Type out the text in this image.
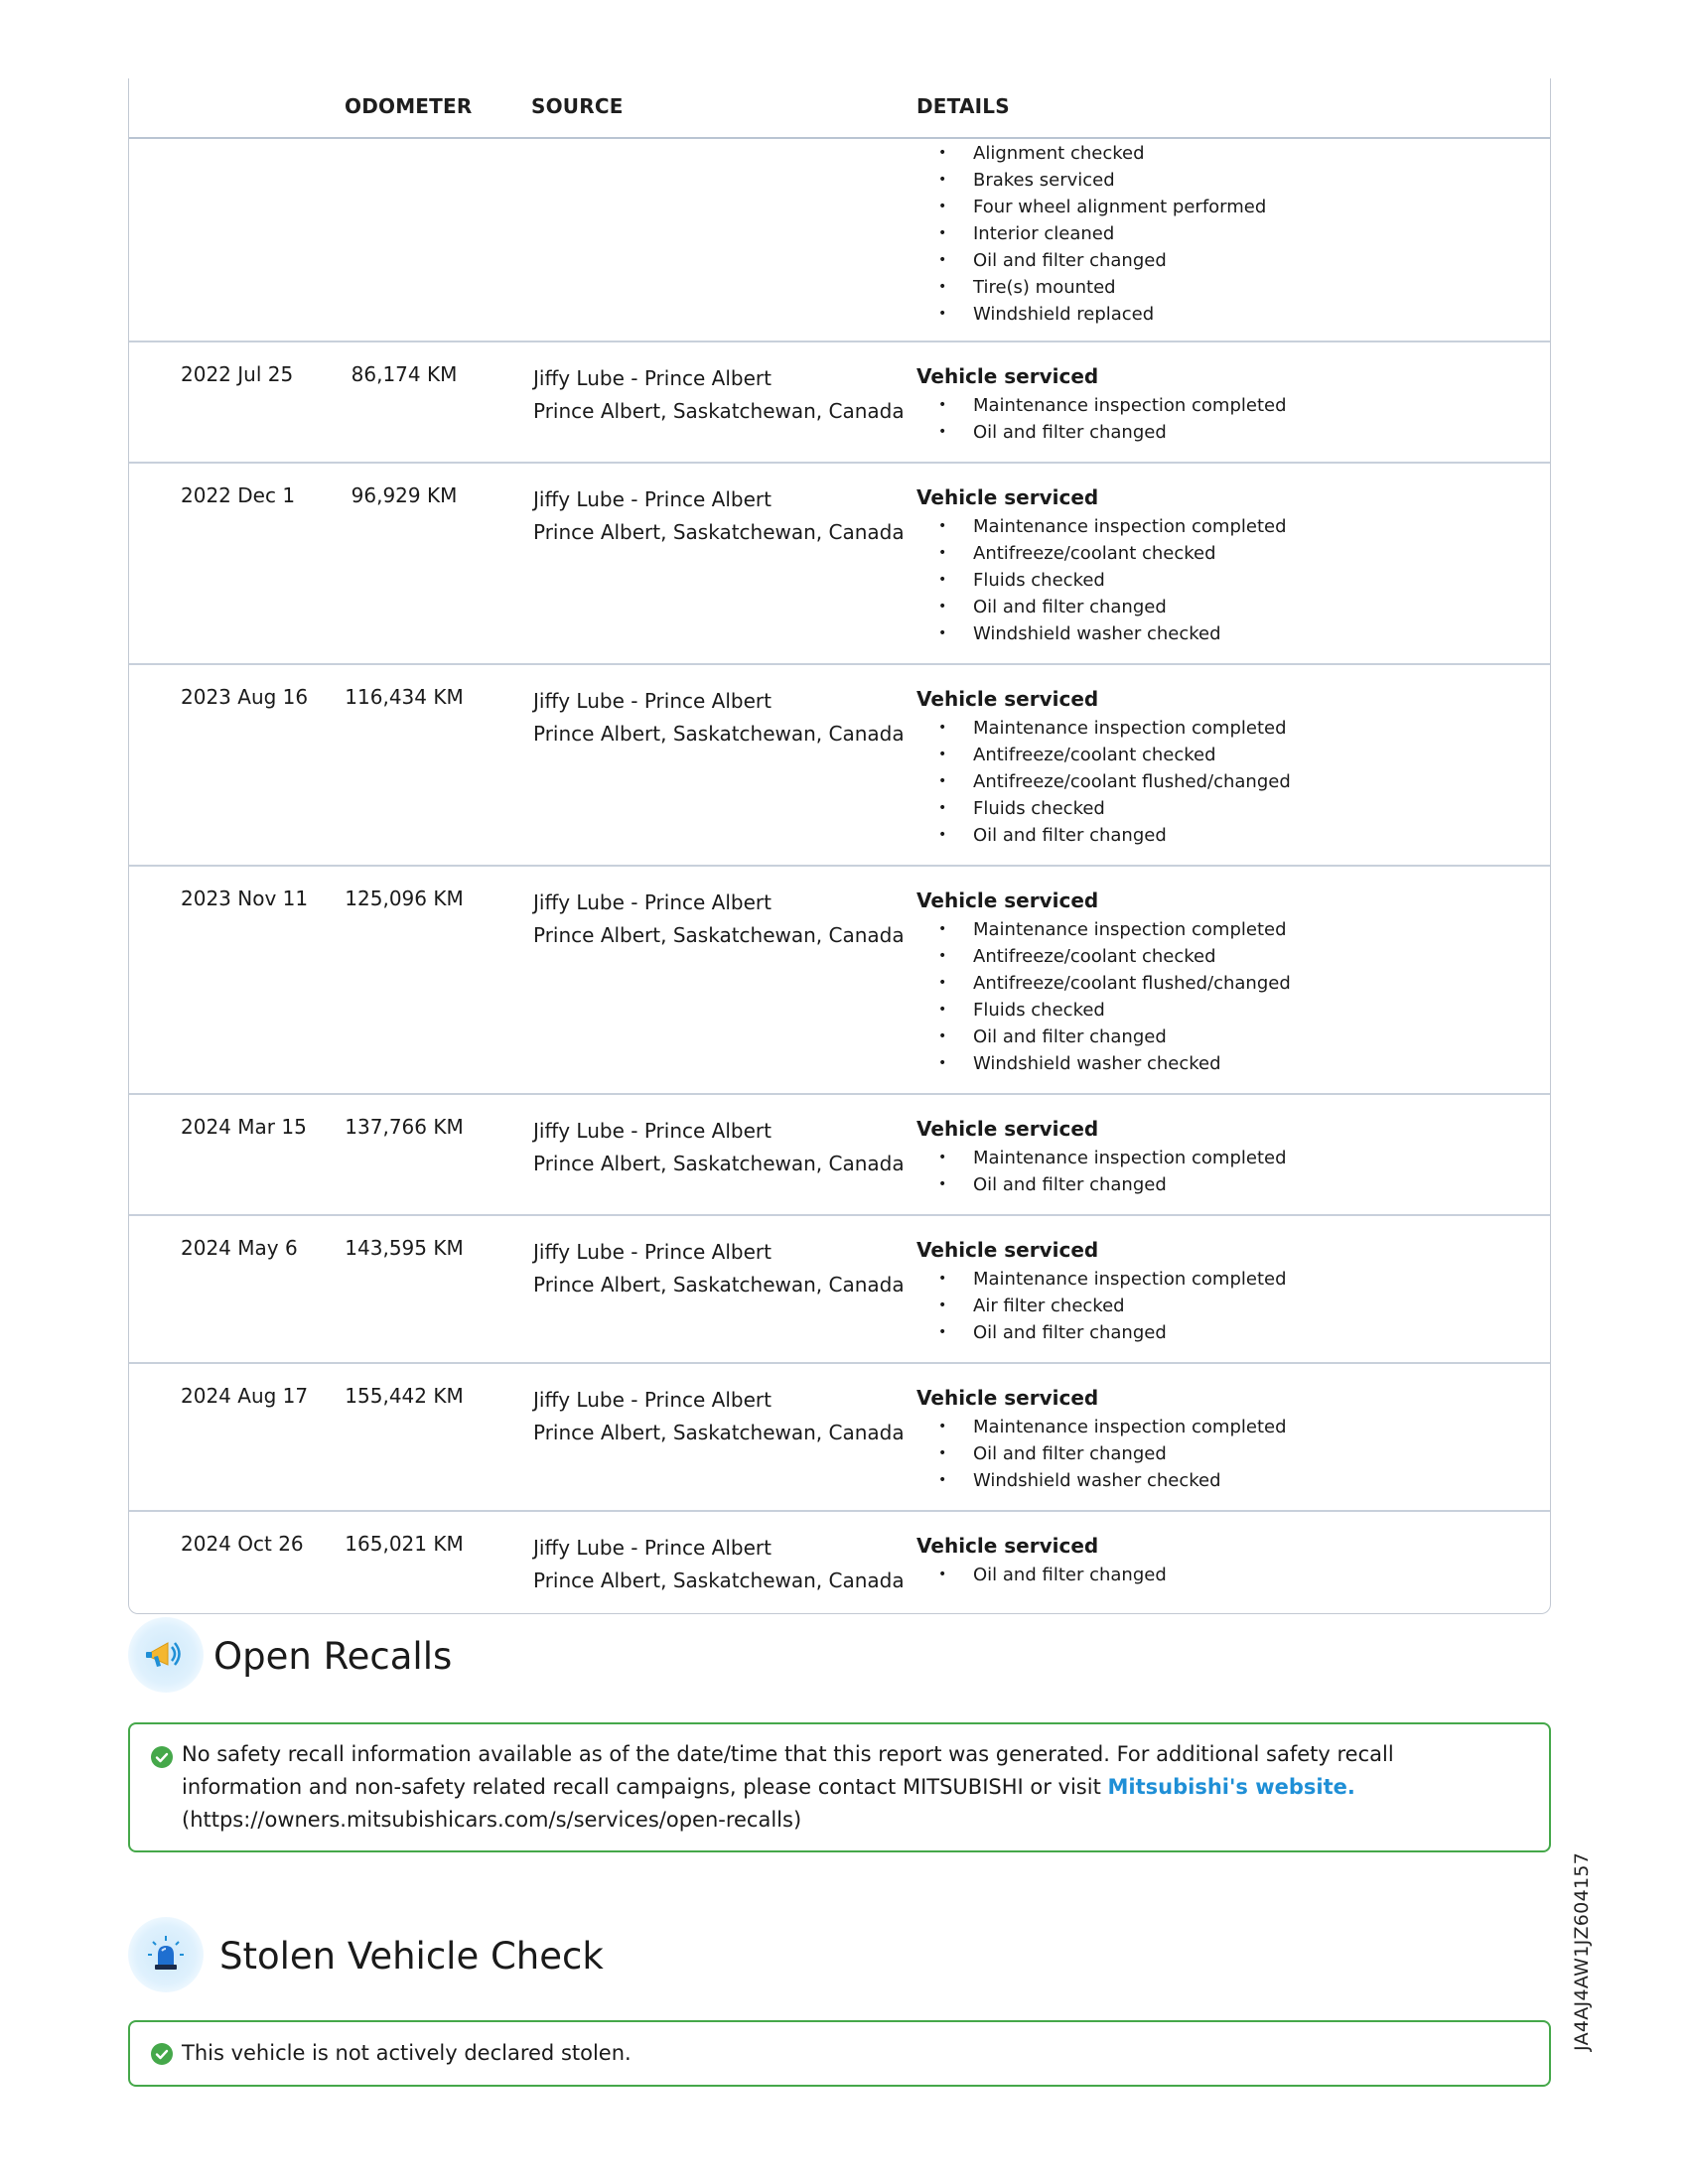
ODOMETER	SOURCE	DETAILS
• Alignment checked
• Brakes serviced
• Four wheel alignment performed
• Interior cleaned
• Oil and filter changed
• Tire(s) mounted
• Windshield replaced
2022 Jul 25	86,174 KM	Jiffy Lube - Prince Albert
Prince Albert, Saskatchewan, Canada
Vehicle serviced
• Maintenance inspection completed
• Oil and filter changed
2022 Dec 1	96,929 KM	Jiffy Lube - Prince Albert
Prince Albert, Saskatchewan, Canada
Vehicle serviced
• Maintenance inspection completed
• Antifreeze/coolant checked
• Fluids checked
• Oil and filter changed
• Windshield washer checked
2023 Aug 16 116,434 KM	Jiffy Lube - Prince Albert
Prince Albert, Saskatchewan, Canada
Vehicle serviced
• Maintenance inspection completed
• Antifreeze/coolant checked
• Antifreeze/coolant flushed/changed
• Fluids checked
• Oil and filter changed
2023 Nov 11 125,096 KM	Jiffy Lube - Prince Albert
Prince Albert, Saskatchewan, Canada
Vehicle serviced
• Maintenance inspection completed
• Antifreeze/coolant checked
• Antifreeze/coolant flushed/changed
• Fluids checked
• Oil and filter changed
• Windshield washer checked
2024 Mar 15 137,766 KM	Jiffy Lube - Prince Albert
Prince Albert, Saskatchewan, Canada
Vehicle serviced
• Maintenance inspection completed
• Oil and filter changed
2024 May 6 143,595 KM	Jiffy Lube - Prince Albert
Prince Albert, Saskatchewan, Canada
Vehicle serviced
• Maintenance inspection completed
• Air filter checked
• Oil and filter changed
2024 Aug 17 155,442 KM	Jiffy Lube - Prince Albert
Prince Albert, Saskatchewan, Canada
Vehicle serviced
• Maintenance inspection completed
• Oil and filter changed
• Windshield washer checked
2024 Oct 26 165,021 KM	Jiffy Lube - Prince Albert
Prince Albert, Saskatchewan, Canada
Vehicle serviced
• Oil and filter changed
Open Recalls
No safety recall information available as of the date/time that this report was generated. For additional safety recall information and non-safety related recall campaigns, please contact MITSUBISHI or visit Mitsubishi's website.
(https://owners.mitsubishicars.com/s/services/open-recalls)
Stolen Vehicle Check
This vehicle is not actively declared stolen.
JA4AJ4AW1JZ604157
